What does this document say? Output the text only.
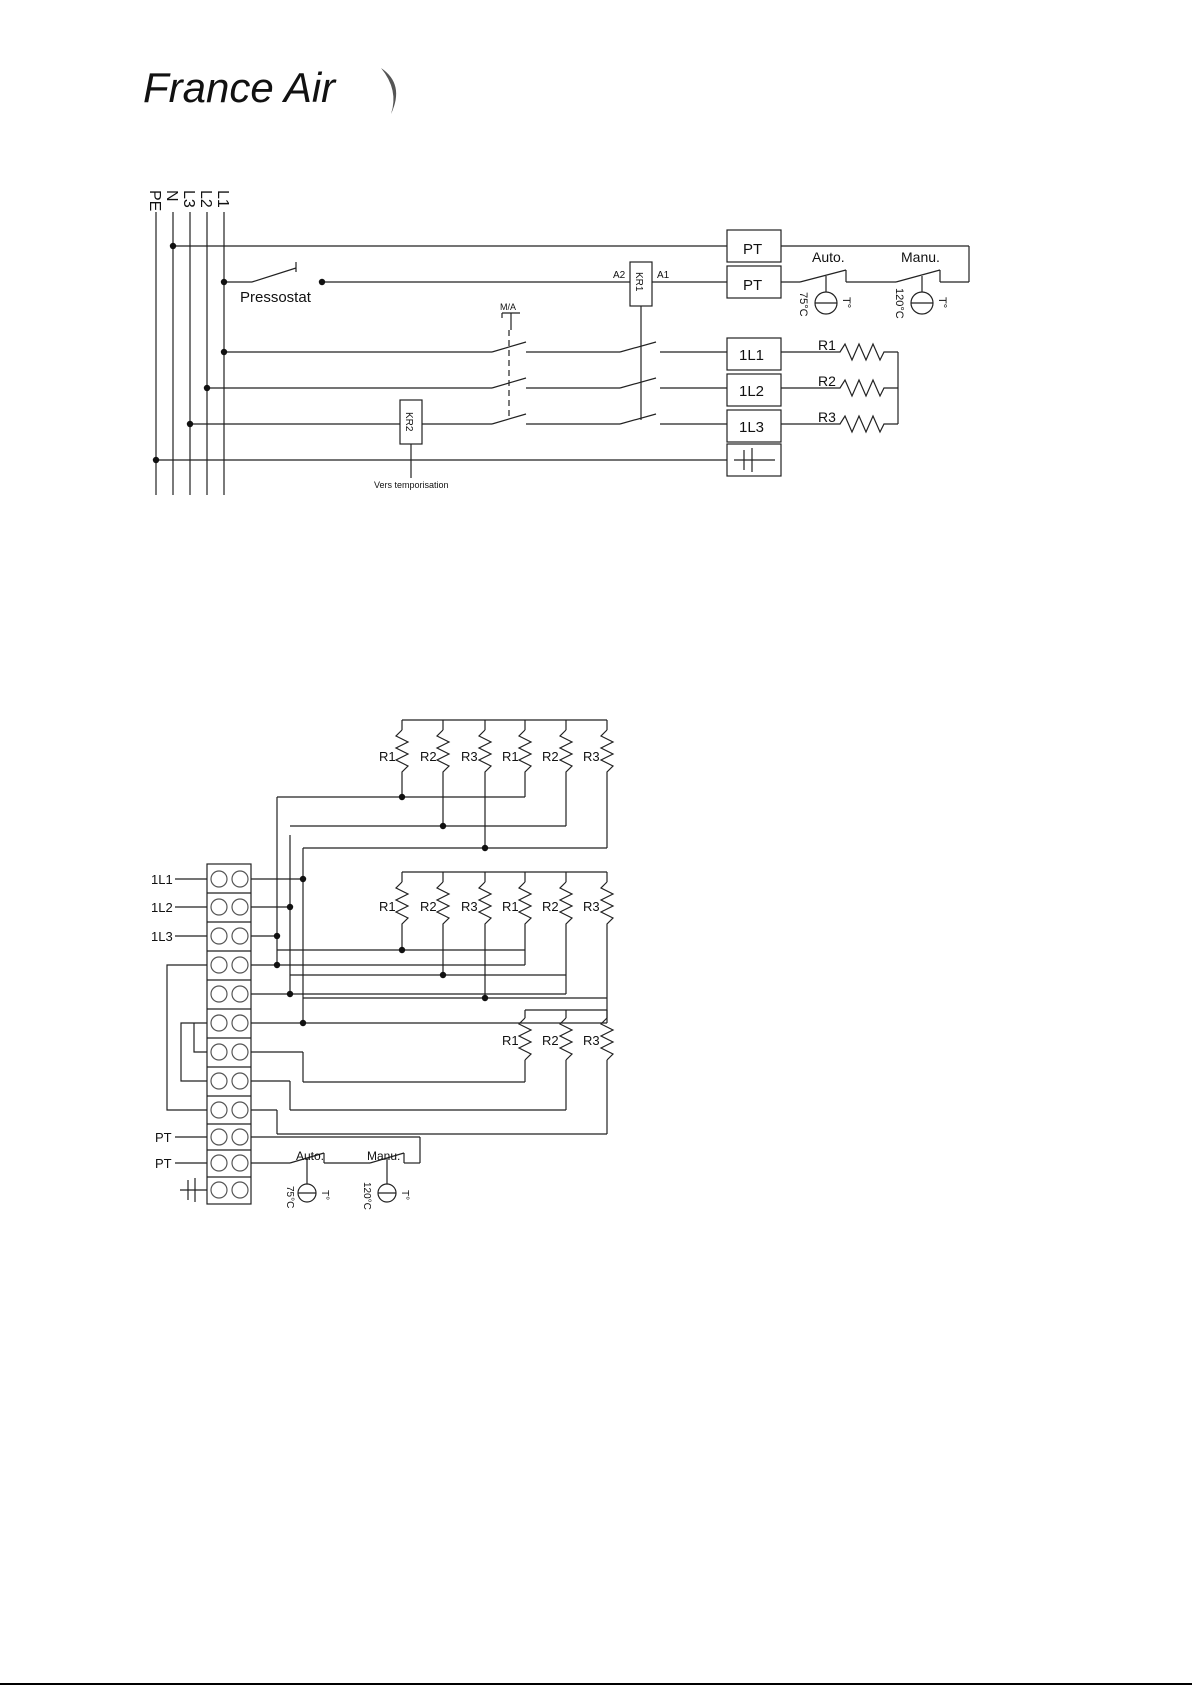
France Air
PE N L3 L2 L1
Pressostat
A2	A1
KR1
KR2
M/A
Vers temporisation
PT
PT
Auto.	Manu.
75°C	T°	120°C	T°
1L1
1L2
1L3
R1
R2
R3
1L1
1L2
1L3
PT
PT
R1 R2 R3 R1 R2 R3
R1 R2 R3 R1 R2 R3
R1 R2 R3
Auto.	Manu.
75°C T°	120°C	T°
